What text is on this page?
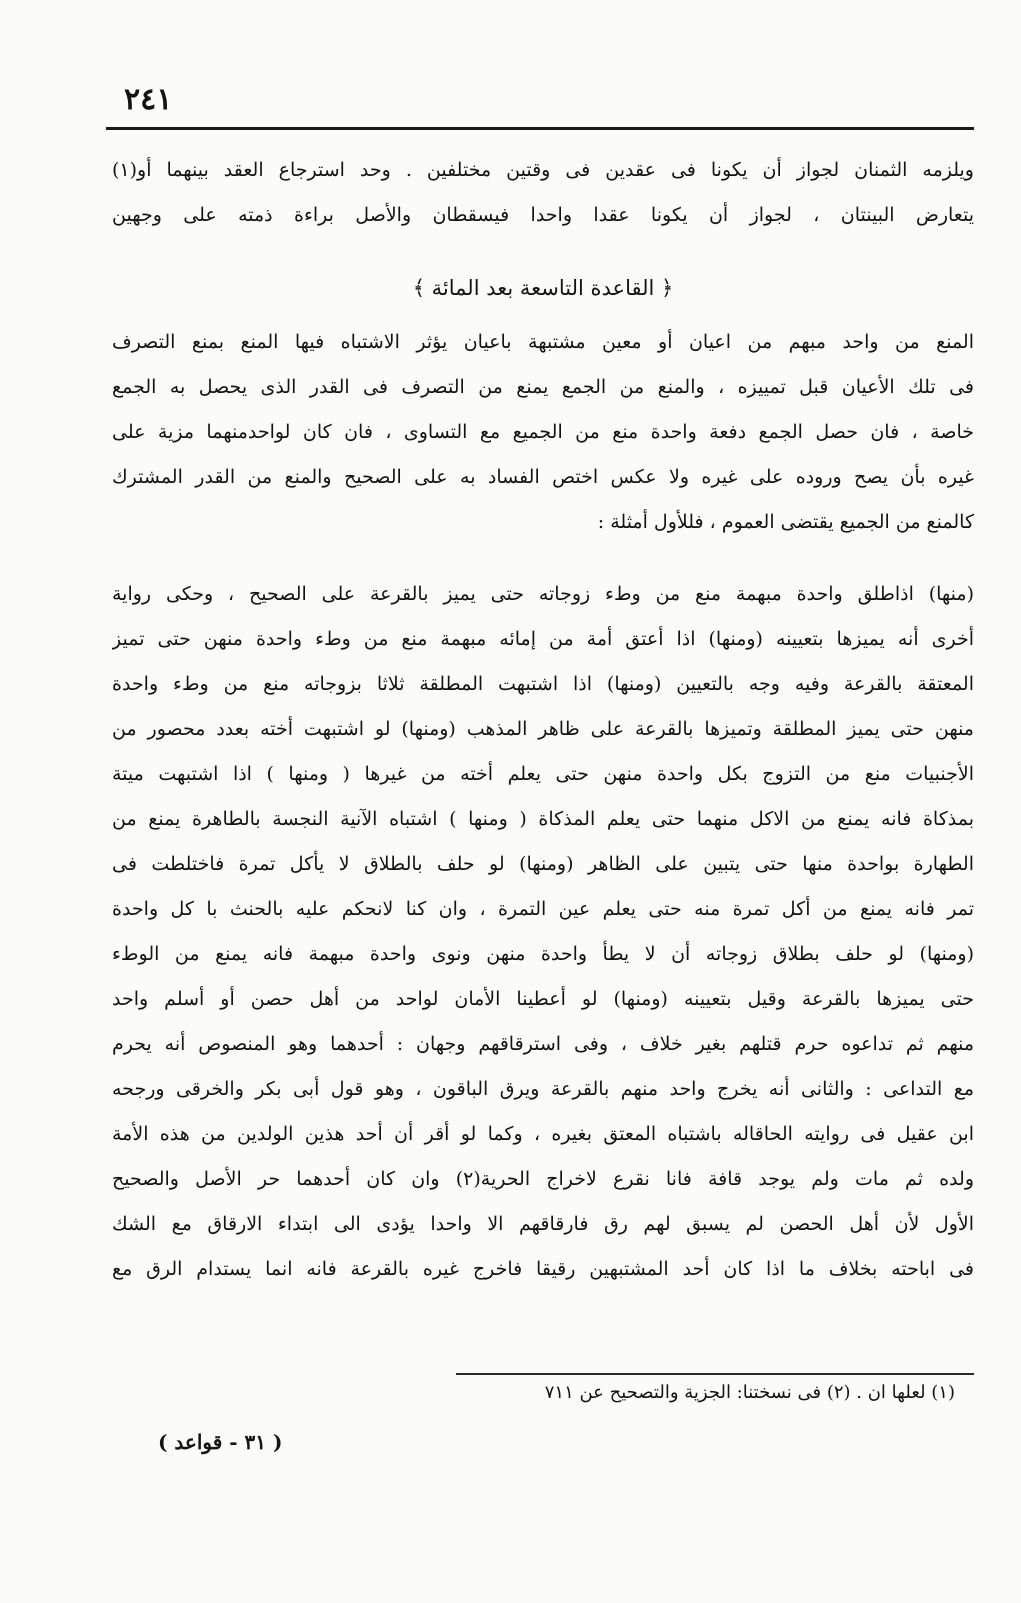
٢٤١
ويلزمه الثمنان لجواز أن يكونا فى عقدين فى وقتين مختلفين . وحد استرجاع العقد بينهما أو(١)
يتعارض البينتان ، لجواز أن يكونا عقدا واحدا فيسقطان والأصل براءة ذمته على وجهين
﴿ القاعدة التاسعة بعد المائة ﴾
المنع من واحد مبهم من اعيان أو معين مشتبهة باعيان يؤثر الاشتباه فيها المنع بمنع التصرف
فى تلك الأعيان قبل تمييزه ، والمنع من الجمع يمنع من التصرف فى القدر الذى يحصل به الجمع
خاصة ، فان حصل الجمع دفعة واحدة منع من الجميع مع التساوى ، فان كان لواحدمنهما مزية على
غيره بأن يصح وروده على غيره ولا عكس اختص الفساد به على الصحيح والمنع من القدر المشترك
كالمنع من الجميع يقتضى العموم ، فللأول أمثلة :
(منها) اذاطلق واحدة مبهمة منع من وطء زوجاته حتى يميز بالقرعة على الصحيح ، وحكى رواية
أخرى أنه يميزها بتعيينه (ومنها) اذا أعتق أمة من إمائه مبهمة منع من وطء واحدة منهن حتى تميز
المعتقة بالقرعة وفيه وجه بالتعيين (ومنها) اذا اشتبهت المطلقة ثلاثا بزوجاته منع من وطء واحدة
منهن حتى يميز المطلقة وتميزها بالقرعة على ظاهر المذهب (ومنها) لو اشتبهت أخته بعدد محصور من
الأجنبيات منع من التزوج بكل واحدة منهن حتى يعلم أخته من غيرها ( ومنها ) اذا اشتبهت ميتة
بمذكاة فانه يمنع من الاكل منهما حتى يعلم المذكاة ( ومنها ) اشتباه الآنية النجسة بالطاهرة يمنع من
الطهارة بواحدة منها حتى يتبين على الظاهر (ومنها) لو حلف بالطلاق لا يأكل تمرة فاختلطت فى
تمر فانه يمنع من أكل تمرة منه حتى يعلم عين التمرة ، وان كنا لانحكم عليه بالحنث با كل واحدة
(ومنها) لو حلف بطلاق زوجاته أن لا يطأ واحدة منهن ونوى واحدة مبهمة فانه يمنع من الوطء
حتى يميزها بالقرعة وقيل بتعيينه (ومنها) لو أعطينا الأمان لواحد من أهل حصن أو أسلم واحد
منهم ثم تداعوه حرم قتلهم بغير خلاف ، وفى استرقاقهم وجهان : أحدهما وهو المنصوص أنه يحرم
مع التداعى : والثانى أنه يخرج واحد منهم بالقرعة ويرق الباقون ، وهو قول أبى بكر والخرقى ورجحه
ابن عقيل فى روايته الحاقاله باشتباه المعتق بغيره ، وكما لو أقر أن أحد هذين الولدين من هذه الأمة
ولده ثم مات ولم يوجد قافة فانا نقرع لاخراج الحرية(٢) وان كان أحدهما حر الأصل والصحيح
الأول لأن أهل الحصن لم يسبق لهم رق فارقاقهم الا واحدا يؤدى الى ابتداء الارقاق مع الشك
فى اباحته بخلاف ما اذا كان أحد المشتبهين رقيقا فاخرج غيره بالقرعة فانه انما يستدام الرق مع
(١) لعلها ان . (٢) فى نسختنا: الجزية والتصحيح عن ٧١١
( ٣١ - قواعد )
